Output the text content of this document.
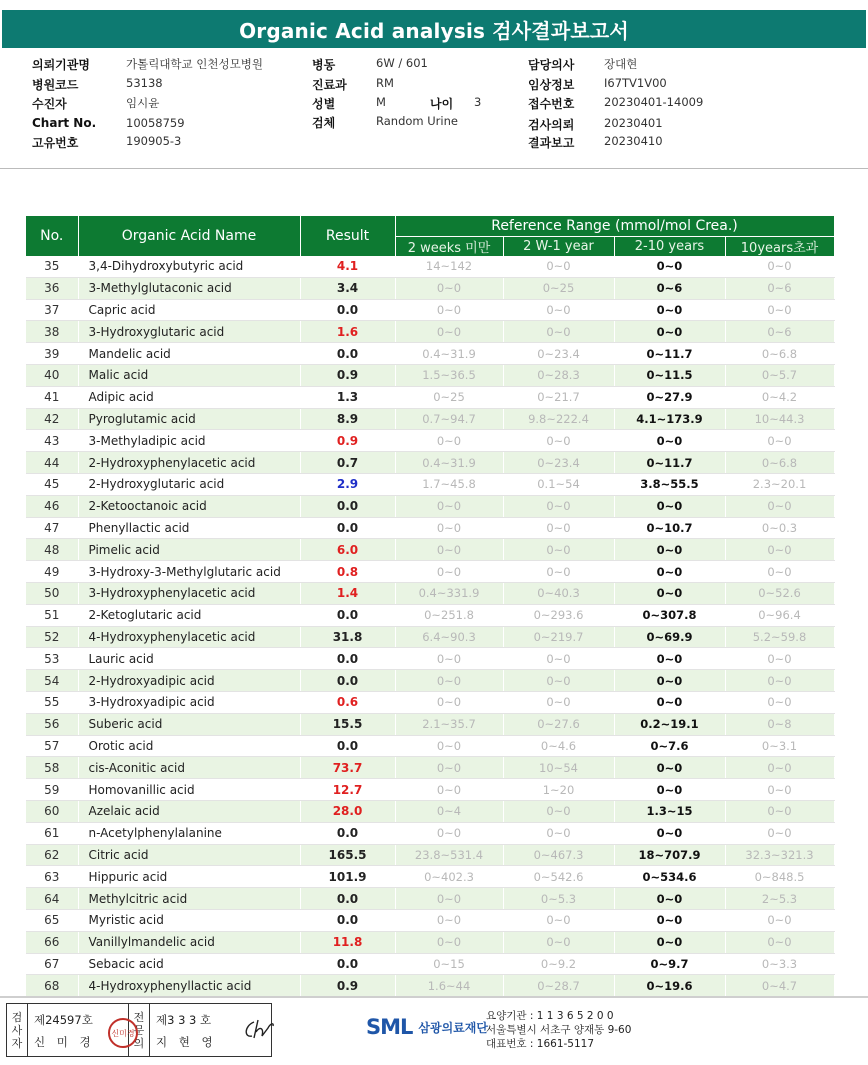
Organic Acid analysis 검사결과보고서
의뢰기관명	가톨릭대학교 인천성모병원
병원코드	53138
수진자	임시윤
Chart No.	10058759
고유번호	190905-3
병동	6W / 601
진료과	RM
성별	M	나이 3
검체	Random Urine
담당의사	장대현
임상정보	I67TV1V00
접수번호	20230401-14009
검사의뢰	20230401
결과보고	20230410
No.	Organic Acid Name	Result	Reference Range (mmol/mol Crea.)			
			2 weeks 미만	2 W-1 year	2-10 years	10years초과
35	3,4-Dihydroxybutyric acid	4.1	14~142	0~0	0~0	0~0
36	3-Methylglutaconic acid	3.4	0~0	0~25	0~6	0~6
37	Capric acid	0.0	0~0	0~0	0~0	0~0
38	3-Hydroxyglutaric acid	1.6	0~0	0~0	0~0	0~6
39	Mandelic acid	0.0	0.4~31.9	0~23.4	0~11.7	0~6.8
40	Malic acid	0.9	1.5~36.5	0~28.3	0~11.5	0~5.7
41	Adipic acid	1.3	0~25	0~21.7	0~27.9	0~4.2
42	Pyroglutamic acid	8.9	0.7~94.7	9.8~222.4	4.1~173.9	10~44.3
43	3-Methyladipic acid	0.9	0~0	0~0	0~0	0~0
44	2-Hydroxyphenylacetic acid	0.7	0.4~31.9	0~23.4	0~11.7	0~6.8
45	2-Hydroxyglutaric acid	2.9	1.7~45.8	0.1~54	3.8~55.5	2.3~20.1
46	2-Ketooctanoic acid	0.0	0~0	0~0	0~0	0~0
47	Phenyllactic acid	0.0	0~0	0~0	0~10.7	0~0.3
48	Pimelic acid	6.0	0~0	0~0	0~0	0~0
49	3-Hydroxy-3-Methylglutaric acid	0.8	0~0	0~0	0~0	0~0
50	3-Hydroxyphenylacetic acid	1.4	0.4~331.9	0~40.3	0~0	0~52.6
51	2-Ketoglutaric acid	0.0	0~251.8	0~293.6	0~307.8	0~96.4
52	4-Hydroxyphenylacetic acid	31.8	6.4~90.3	0~219.7	0~69.9	5.2~59.8
53	Lauric acid	0.0	0~0	0~0	0~0	0~0
54	2-Hydroxyadipic acid	0.0	0~0	0~0	0~0	0~0
55	3-Hydroxyadipic acid	0.6	0~0	0~0	0~0	0~0
56	Suberic acid	15.5	2.1~35.7	0~27.6	0.2~19.1	0~8
57	Orotic acid	0.0	0~0	0~4.6	0~7.6	0~3.1
58	cis-Aconitic acid	73.7	0~0	10~54	0~0	0~0
59	Homovanillic acid	12.7	0~0	1~20	0~0	0~0
60	Azelaic acid	28.0	0~4	0~0	1.3~15	0~0
61	n-Acetylphenylalanine	0.0	0~0	0~0	0~0	0~0
62	Citric acid	165.5	23.8~531.4	0~467.3	18~707.9	32.3~321.3
63	Hippuric acid	101.9	0~402.3	0~542.6	0~534.6	0~848.5
64	Methylcitric acid	0.0	0~0	0~5.3	0~0	2~5.3
65	Myristic acid	0.0	0~0	0~0	0~0	0~0
66	Vanillylmandelic acid	11.8	0~0	0~0	0~0	0~0
67	Sebacic acid	0.0	0~15	0~9.2	0~9.7	0~3.3
68	4-Hydroxyphenyllactic acid	0.9	1.6~44	0~28.7	0~19.6	0~4.7
검
사
자
제24597호
신 미 경
신미경
전
문
의
제3 3 3 호
지 현 영
SML 삼광의료재단
요양기관 : 1 1 3 6 5 2 0 0
서울특별시 서초구 양재동 9-60
대표번호 : 1661-5117
